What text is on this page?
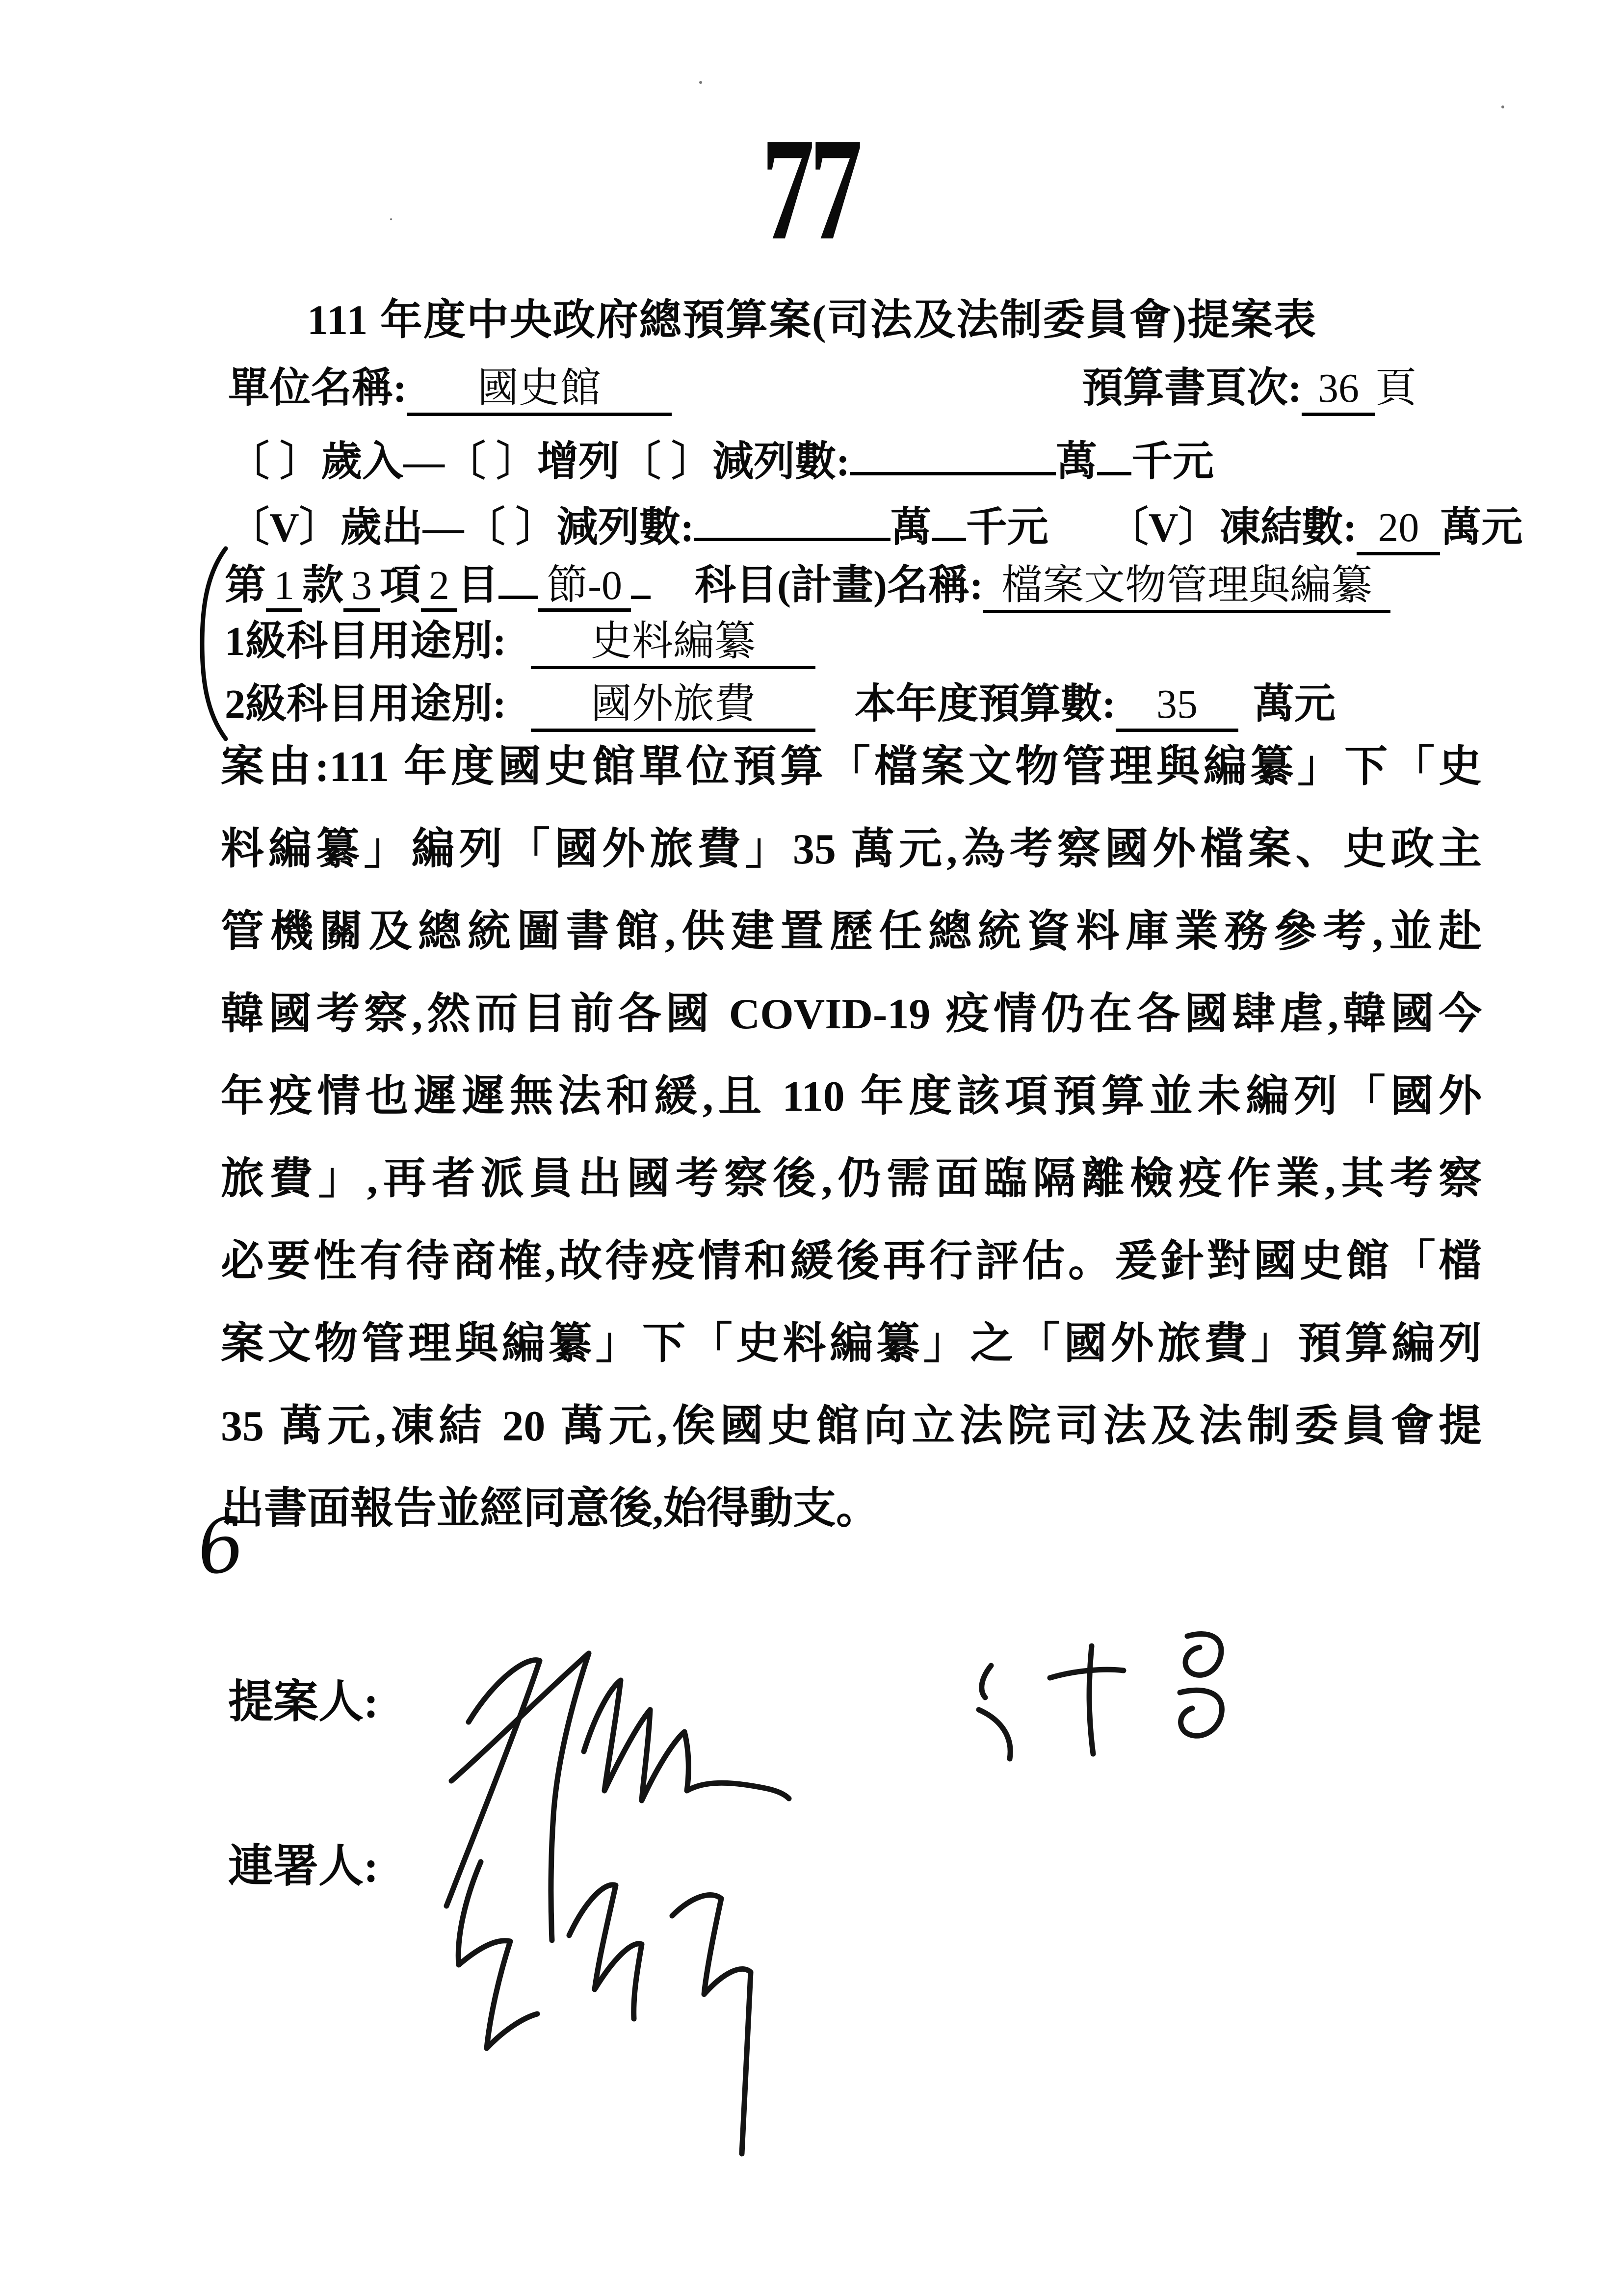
77
111 年度中央政府總預算案(司法及法制委員會)提案表
單位名稱: 國史館	預算書頁次: 36 頁
〔 〕歲入—〔 〕增列〔 〕減列數:	萬 千元
〔V〕歲出—〔 〕減列數:	萬 千元 〔V〕凍結數: 20 萬元
第 1 款 3 項 2 目 節-0 科目(計畫)名稱: 檔案文物管理與編纂
1級科目用途別: 史料編纂
2級科目用途別: 國外旅費 本年度預算數: 35 萬元
案由:111 年度國史館單位預算「檔案文物管理與編纂」下「史
料編纂」編列「國外旅費」35 萬元,為考察國外檔案、史政主
管機關及總統圖書館,供建置歷任總統資料庫業務參考,並赴
韓國考察,然而目前各國 COVID-19 疫情仍在各國肆虐,韓國今
年疫情也遲遲無法和緩,且 110 年度該項預算並未編列「國外
旅費」,再者派員出國考察後,仍需面臨隔離檢疫作業,其考察
必要性有待商榷,故待疫情和緩後再行評估。爰針對國史館「檔
案文物管理與編纂」下「史料編纂」之「國外旅費」預算編列
35 萬元,凍結 20 萬元,俟國史館向立法院司法及法制委員會提
出書面報告並經同意後,始得動支。
6
提案人:
連署人:
